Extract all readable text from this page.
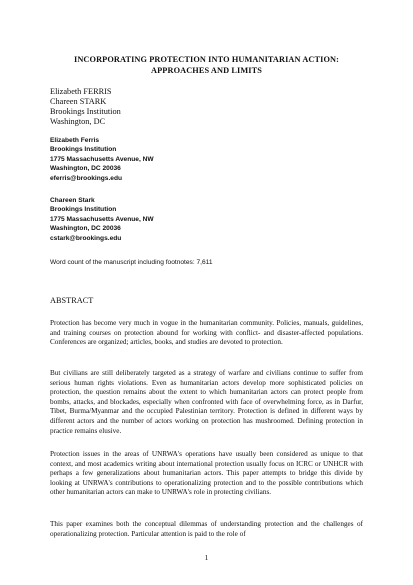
INCORPORATING PROTECTION INTO HUMANITARIAN ACTION:
APPROACHES AND LIMITS
Elizabeth FERRIS
Chareen STARK
Brookings Institution
Washington, DC
Elizabeth Ferris
Brookings Institution
1775 Massachusetts Avenue, NW
Washington, DC 20036
eferris@brookings.edu
Chareen Stark
Brookings Institution
1775 Massachusetts Avenue, NW
Washington, DC 20036
cstark@brookings.edu
Word count of the manuscript including footnotes: 7,611
ABSTRACT
Protection has become very much in vogue in the humanitarian community. Policies, manuals, guidelines, and training courses on protection abound for working with conflict- and disaster-affected populations. Conferences are organized; articles, books, and studies are devoted to protection.
But civilians are still deliberately targeted as a strategy of warfare and civilians continue to suffer from serious human rights violations. Even as humanitarian actors develop more sophisticated policies on protection, the question remains about the extent to which humanitarian actors can protect people from bombs, attacks, and blockades, especially when confronted with face of overwhelming force, as in Darfur, Tibet, Burma/Myanmar and the occupied Palestinian territory. Protection is defined in different ways by different actors and the number of actors working on protection has mushroomed. Defining protection in practice remains elusive.
Protection issues in the areas of UNRWA's operations have usually been considered as unique to that context, and most academics writing about international protection usually focus on ICRC or UNHCR with perhaps a few generalizations about humanitarian actors. This paper attempts to bridge this divide by looking at UNRWA's contributions to operationalizing protection and to the possible contributions which other humanitarian actors can make to UNRWA's role in protecting civilians.
This paper examines both the conceptual dilemmas of understanding protection and the challenges of operationalizing protection. Particular attention is paid to the role of
1
